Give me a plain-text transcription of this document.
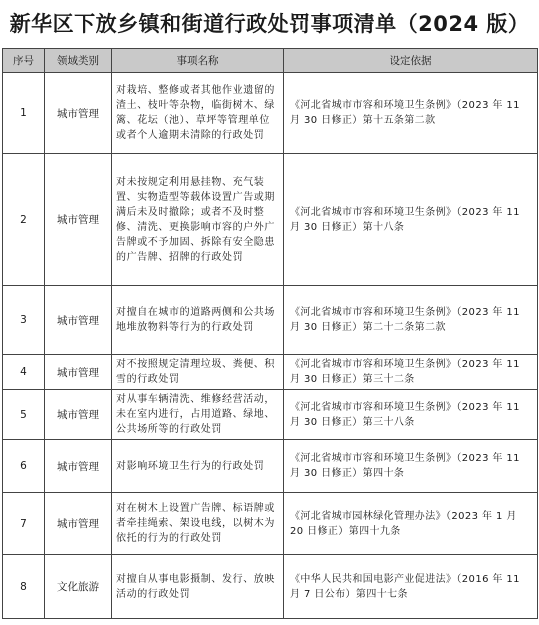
新华区下放乡镇和街道行政处罚事项清单（2024 版）
序号	领域类别	事项名称	设定依据
1	城市管理	对栽培、整修或者其他作业遗留的渣土、枝叶等杂物，临街树木、绿篱、花坛（池）、草坪等管理单位或者个人逾期未清除的行政处罚	《河北省城市市容和环境卫生条例》（2023 年 11 月 30 日修正）第十五条第二款
2	城市管理	对未按规定利用悬挂物、充气装置、实物造型等载体设置广告或期满后未及时撤除；或者不及时整修、清洗、更换影响市容的户外广告牌或不予加固、拆除有安全隐患的广告牌、招牌的行政处罚	《河北省城市市容和环境卫生条例》（2023 年 11 月 30 日修正）第十八条
3	城市管理	对擅自在城市的道路两侧和公共场地堆放物料等行为的行政处罚	《河北省城市市容和环境卫生条例》（2023 年 11 月 30 日修正）第二十二条第二款
4	城市管理	对不按照规定清理垃圾、粪便、积雪的行政处罚	《河北省城市市容和环境卫生条例》（2023 年 11 月 30 日修正）第三十二条
5	城市管理	对从事车辆清洗、维修经营活动，未在室内进行，占用道路、绿地、公共场所等的行政处罚	《河北省城市市容和环境卫生条例》（2023 年 11 月 30 日修正）第三十八条
6	城市管理	对影响环境卫生行为的行政处罚	《河北省城市市容和环境卫生条例》（2023 年 11 月 30 日修正）第四十条
7	城市管理	对在树木上设置广告牌、标语牌或者牵挂绳索、架设电线，以树木为依托的行为的行政处罚	《河北省城市园林绿化管理办法》（2023 年 1 月 20 日修正）第四十九条
8	文化旅游	对擅自从事电影摄制、发行、放映活动的行政处罚	《中华人民共和国电影产业促进法》（2016 年 11 月 7 日公布）第四十七条
